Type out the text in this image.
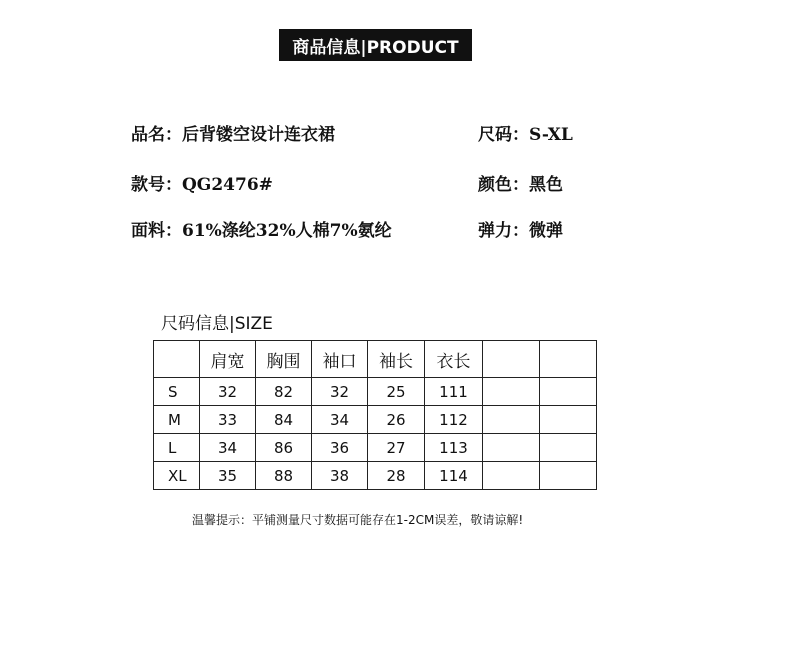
商品信息|PRODUCT
品名：后背镂空设计连衣裙	尺码：S-XL
款号：QG2476#	颜色：黑色
面料：61%涤纶32%人棉7%氨纶	弹力：微弹
尺码信息|SIZE
	肩宽	胸围	袖口	袖长	衣长		
S	32	82	32	25	111		
M	33	84	34	26	112		
L	34	86	36	27	113		
XL	35	88	38	28	114		
温馨提示：平铺测量尺寸数据可能存在1-2CM误差，敬请谅解!
